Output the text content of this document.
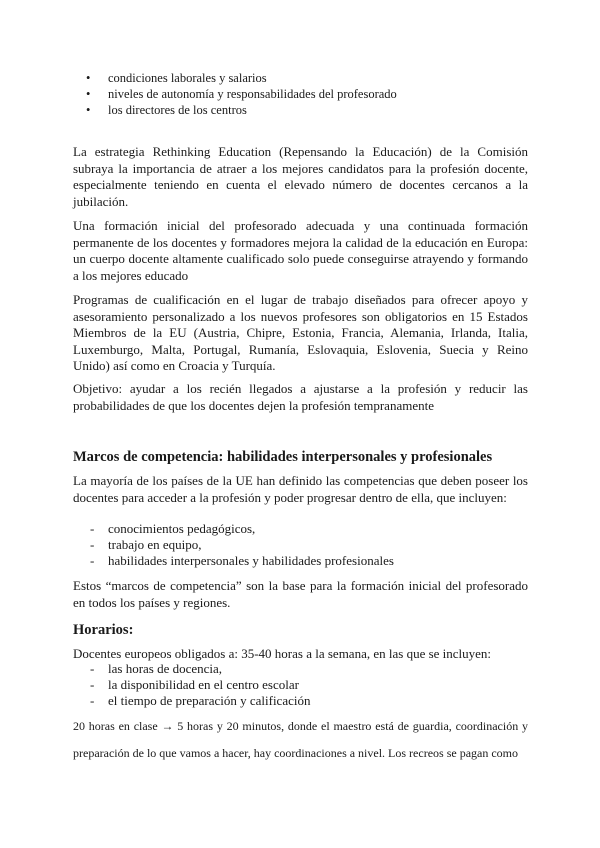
• condiciones laborales y salarios
• niveles de autonomía y responsabilidades del profesorado
• los directores de los centros

La estrategia Rethinking Education (Repensando la Educación) de la Comisión subraya la importancia de atraer a los mejores candidatos para la profesión docente, especialmente teniendo en cuenta el elevado número de docentes cercanos a la jubilación.

Una formación inicial del profesorado adecuada y una continuada formación permanente de los docentes y formadores mejora la calidad de la educación en Europa: un cuerpo docente altamente cualificado solo puede conseguirse atrayendo y formando a los mejores educado

Programas de cualificación en el lugar de trabajo diseñados para ofrecer apoyo y asesoramiento personalizado a los nuevos profesores son obligatorios en 15 Estados Miembros de la EU (Austria, Chipre, Estonia, Francia, Alemania, Irlanda, Italia, Luxemburgo, Malta, Portugal, Rumanía, Eslovaquia, Eslovenia, Suecia y Reino Unido) así como en Croacia y Turquía.

Objetivo: ayudar a los recién llegados a ajustarse a la profesión y reducir las probabilidades de que los docentes dejen la profesión tempranamente

Marcos de competencia: habilidades interpersonales y profesionales

La mayoría de los países de la UE han definido las competencias que deben poseer los docentes para acceder a la profesión y poder progresar dentro de ella, que incluyen:

- conocimientos pedagógicos,
- trabajo en equipo,
- habilidades interpersonales y habilidades profesionales

Estos “marcos de competencia” son la base para la formación inicial del profesorado en todos los países y regiones.

Horarios:

Docentes europeos obligados a: 35-40 horas a la semana, en las que se incluyen:

- las horas de docencia,
- la disponibilidad en el centro escolar
- el tiempo de preparación y calificación

20 horas en clase → 5 horas y 20 minutos, donde el maestro está de guardia, coordinación y preparación de lo que vamos a hacer, hay coordinaciones a nivel. Los recreos se pagan como
